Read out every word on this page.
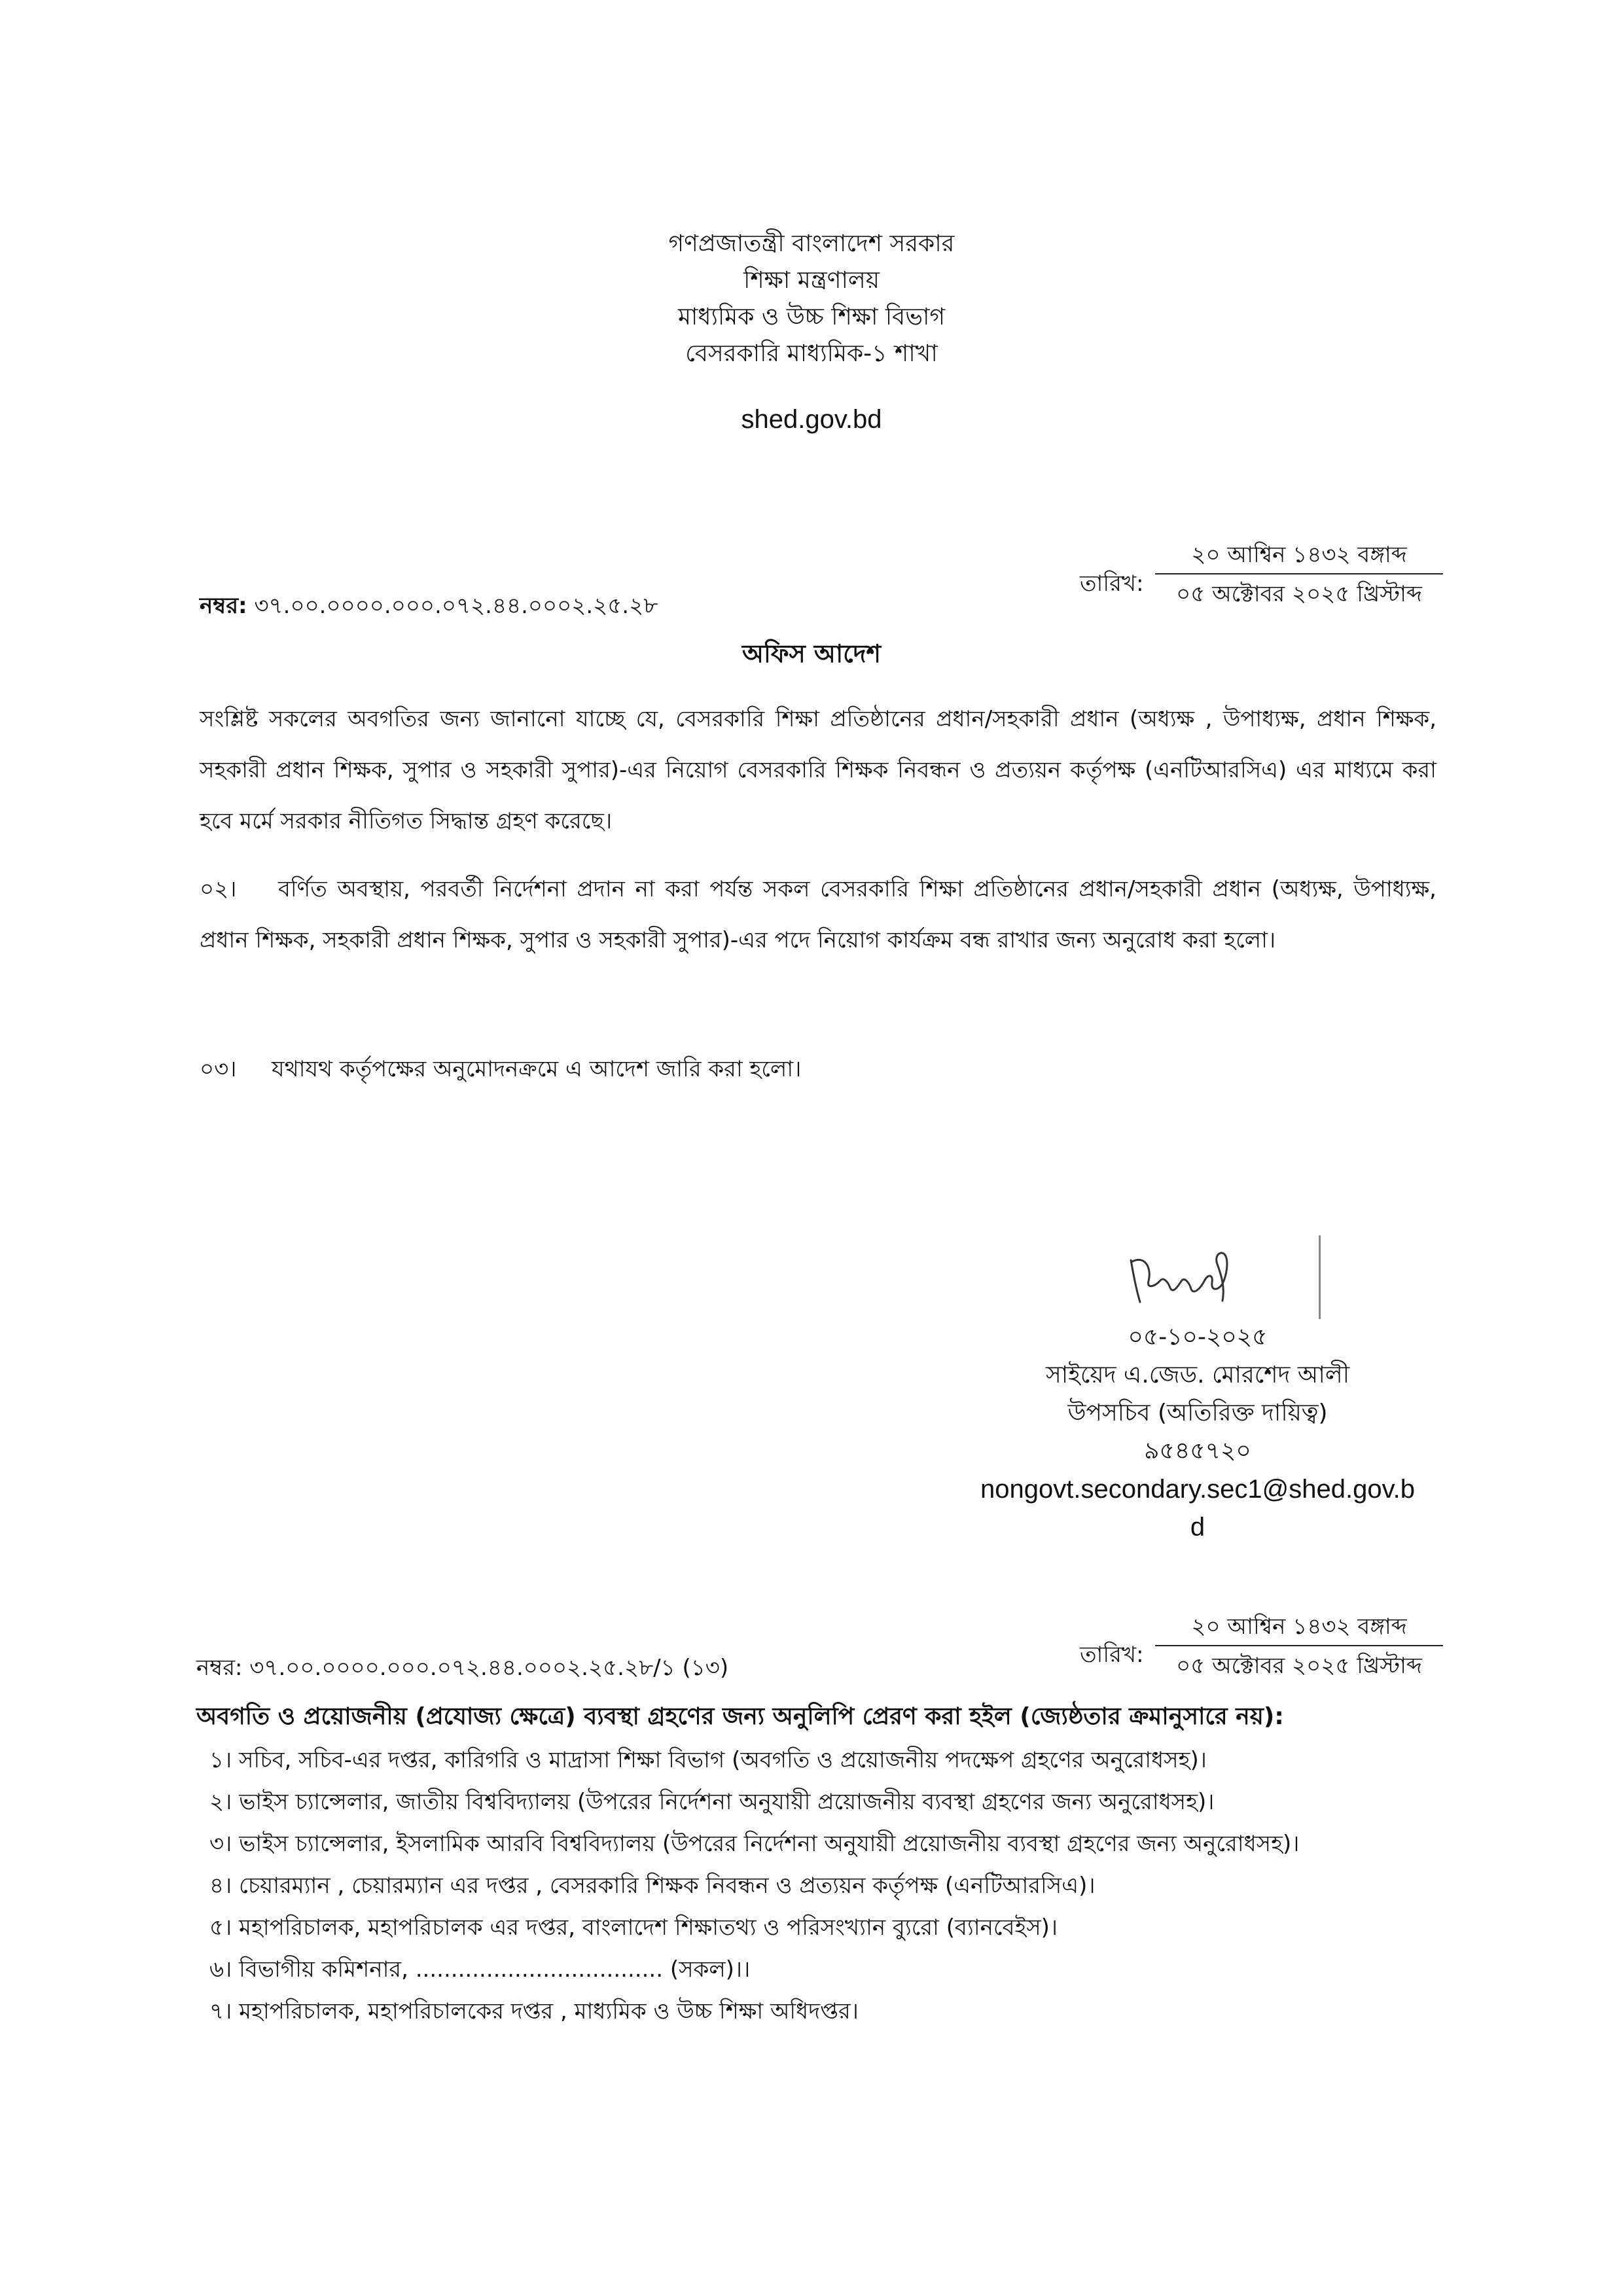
গণপ্রজাতন্ত্রী বাংলাদেশ সরকার
শিক্ষা মন্ত্রণালয়
মাধ্যমিক ও উচ্চ শিক্ষা বিভাগ
বেসরকারি মাধ্যমিক-১ শাখা
shed.gov.bd
নম্বর: ৩৭.০০.০০০০.০০০.০৭২.৪৪.০০০২.২৫.২৮
তারিখ:
২০ আশ্বিন ১৪৩২ বঙ্গাব্দ
০৫ অক্টোবর ২০২৫ খ্রিস্টাব্দ
অফিস আদেশ
সংশ্লিষ্ট সকলের অবগতির জন্য জানানো যাচ্ছে যে, বেসরকারি শিক্ষা প্রতিষ্ঠানের প্রধান/সহকারী প্রধান (অধ্যক্ষ , উপাধ্যক্ষ, প্রধান শিক্ষক, সহকারী প্রধান শিক্ষক, সুপার ও সহকারী সুপার)-এর নিয়োগ বেসরকারি শিক্ষক নিবন্ধন ও প্রত্যয়ন কর্তৃপক্ষ (এনটিআরসিএ) এর মাধ্যমে করা হবে মর্মে সরকার নীতিগত সিদ্ধান্ত গ্রহণ করেছে।
০২। বর্ণিত অবস্থায়, পরবর্তী নির্দেশনা প্রদান না করা পর্যন্ত সকল বেসরকারি শিক্ষা প্রতিষ্ঠানের প্রধান/সহকারী প্রধান (অধ্যক্ষ, উপাধ্যক্ষ, প্রধান শিক্ষক, সহকারী প্রধান শিক্ষক, সুপার ও সহকারী সুপার)-এর পদে নিয়োগ কার্যক্রম বন্ধ রাখার জন্য অনুরোধ করা হলো।
০৩। যথাযথ কর্তৃপক্ষের অনুমোদনক্রমে এ আদেশ জারি করা হলো।
০৫-১০-২০২৫
সাইয়েদ এ.জেড. মোরশেদ আলী
উপসচিব (অতিরিক্ত দায়িত্ব)
৯৫৪৫৭২০
nongovt.secondary.sec1@shed.gov.b
d
নম্বর: ৩৭.০০.০০০০.০০০.০৭২.৪৪.০০০২.২৫.২৮/১ (১৩)	তারিখ:
২০ আশ্বিন ১৪৩২ বঙ্গাব্দ
০৫ অক্টোবর ২০২৫ খ্রিস্টাব্দ
অবগতি ও প্রয়োজনীয় (প্রযোজ্য ক্ষেত্রে) ব্যবস্থা গ্রহণের জন্য অনুলিপি প্রেরণ করা হইল (জ্যেষ্ঠতার ক্রমানুসারে নয়):
১। সচিব, সচিব-এর দপ্তর, কারিগরি ও মাদ্রাসা শিক্ষা বিভাগ (অবগতি ও প্রয়োজনীয় পদক্ষেপ গ্রহণের অনুরোধসহ)।
২। ভাইস চ্যান্সেলার, জাতীয় বিশ্ববিদ্যালয় (উপরের নির্দেশনা অনুযায়ী প্রয়োজনীয় ব্যবস্থা গ্রহণের জন্য অনুরোধসহ)।
৩। ভাইস চ্যান্সেলার, ইসলামিক আরবি বিশ্ববিদ্যালয় (উপরের নির্দেশনা অনুযায়ী প্রয়োজনীয় ব্যবস্থা গ্রহণের জন্য অনুরোধসহ)।
৪। চেয়ারম্যান , চেয়ারম্যান এর দপ্তর , বেসরকারি শিক্ষক নিবন্ধন ও প্রত্যয়ন কর্তৃপক্ষ (এনটিআরসিএ)।
৫। মহাপরিচালক, মহাপরিচালক এর দপ্তর, বাংলাদেশ শিক্ষাতথ্য ও পরিসংখ্যান ব্যুরো (ব্যানবেইস)।
৬। বিভাগীয় কমিশনার, ................................... (সকল)।।
৭। মহাপরিচালক, মহাপরিচালকের দপ্তর , মাধ্যমিক ও উচ্চ শিক্ষা অধিদপ্তর।
